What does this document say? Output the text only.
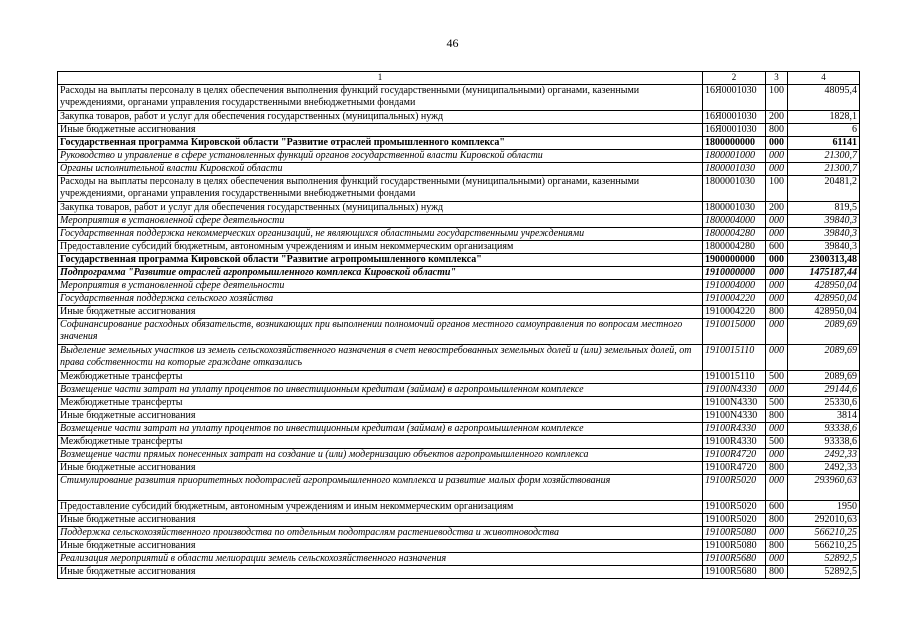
46
1	2	3	4
Расходы на выплаты персоналу в целях обеспечения выполнения функций государственными (муниципальными) органами, казенными учреждениями, органами управления государственными внебюджетными фондами	16Я0001030	100	48095,4
Закупка товаров, работ и услуг для обеспечения государственных (муниципальных) нужд	16Я0001030	200	1828,1
Иные бюджетные ассигнования	16Я0001030	800	6
Государственная программа Кировской области "Развитие отраслей промышленного комплекса"	1800000000	000	61141
Руководство и управление в сфере установленных функций органов государственной власти Кировской области	1800001000	000	21300,7
Органы исполнительной власти Кировской области	1800001030	000	21300,7
Расходы на выплаты персоналу в целях обеспечения выполнения функций государственными (муниципальными) органами, казенными учреждениями, органами управления государственными внебюджетными фондами	1800001030	100	20481,2
Закупка товаров, работ и услуг для обеспечения государственных (муниципальных) нужд	1800001030	200	819,5
Мероприятия в установленной сфере деятельности	1800004000	000	39840,3
Государственная поддержка некоммерческих организаций, не являющихся областными государственными учреждениями	1800004280	000	39840,3
Предоставление субсидий бюджетным, автономным учреждениям и иным некоммерческим организациям	1800004280	600	39840,3
Государственная программа Кировской области "Развитие агропромышленного комплекса"	1900000000	000	2300313,48
Подпрограмма "Развитие отраслей агропромышленного комплекса Кировской области"	1910000000	000	1475187,44
Мероприятия в установленной сфере деятельности	1910004000	000	428950,04
Государственная поддержка сельского хозяйства	1910004220	000	428950,04
Иные бюджетные ассигнования	1910004220	800	428950,04
Софинансирование расходных обязательств, возникающих при выполнении полномочий органов местного самоуправления по вопросам местного значения	1910015000	000	2089,69
Выделение земельных участков из земель сельскохозяйственного назначения в счет невостребованных земельных долей и (или) земельных долей, от права собственности на которые граждане отказались	1910015110	000	2089,69
Межбюджетные трансферты	1910015110	500	2089,69
Возмещение части затрат на уплату процентов по инвестиционным кредитам (займам) в агропромышленном комплексе	19100N4330	000	29144,6
Межбюджетные трансферты	19100N4330	500	25330,6
Иные бюджетные ассигнования	19100N4330	800	3814
Возмещение части затрат на уплату процентов по инвестиционным кредитам (займам) в агропромышленном комплексе	19100R4330	000	93338,6
Межбюджетные трансферты	19100R4330	500	93338,6
Возмещение части прямых понесенных затрат на создание и (или) модернизацию объектов агропромышленного комплекса	19100R4720	000	2492,33
Иные бюджетные ассигнования	19100R4720	800	2492,33
Стимулирование развития приоритетных подотраслей агропромышленного комплекса и развитие малых форм хозяйствования	19100R5020	000	293960,63
Предоставление субсидий бюджетным, автономным учреждениям и иным некоммерческим организациям	19100R5020	600	1950
Иные бюджетные ассигнования	19100R5020	800	292010,63
Поддержка сельскохозяйственного производства по отдельным подотраслям растениеводства и животноводства	19100R5080	000	566210,25
Иные бюджетные ассигнования	19100R5080	800	566210,25
Реализация мероприятий в области мелиорации земель сельскохозяйственного назначения	19100R5680	000	52892,5
Иные бюджетные ассигнования	19100R5680	800	52892,5
